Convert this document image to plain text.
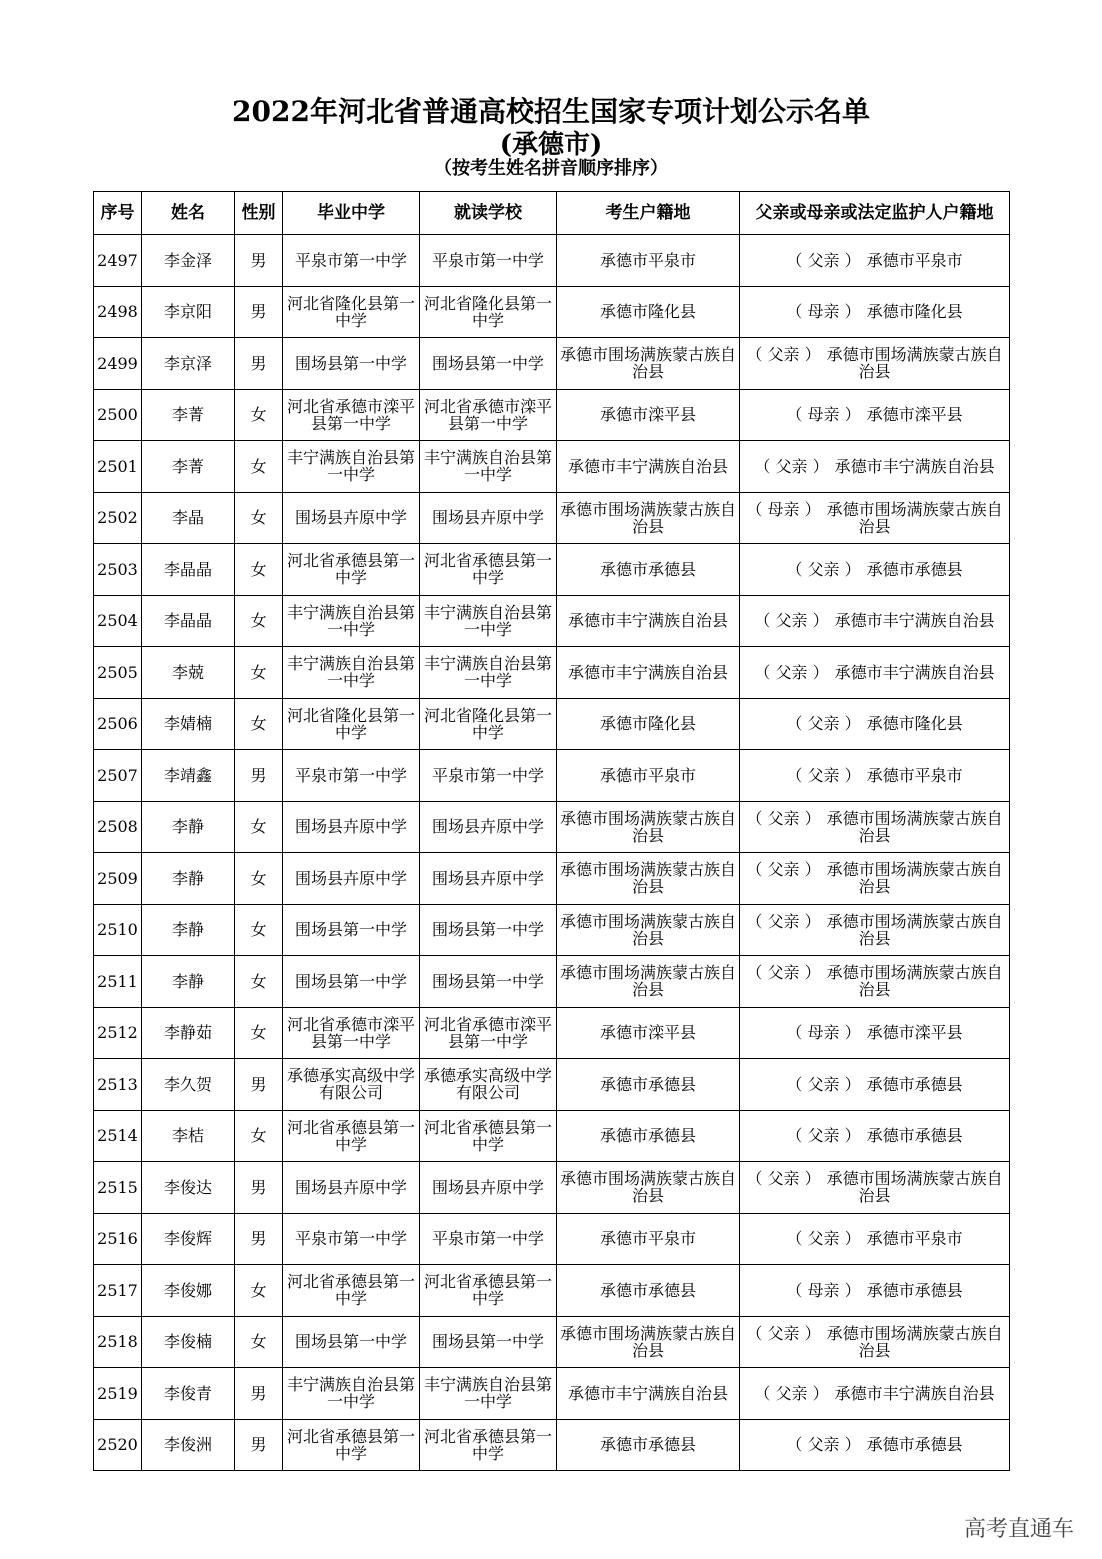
2022年河北省普通高校招生国家专项计划公示名单
(承德市)
（按考生姓名拼音顺序排序）
序号	姓名	性别	毕业中学	就读学校	考生户籍地	父亲或母亲或法定监护人户籍地
2497	李金泽	男	平泉市第一中学	平泉市第一中学	承德市平泉市	（ 父亲 ） 承德市平泉市
2498	李京阳	男	河北省隆化县第一中学	河北省隆化县第一中学	承德市隆化县	（ 母亲 ） 承德市隆化县
2499	李京泽	男	围场县第一中学	围场县第一中学	承德市围场满族蒙古族自治县	（ 父亲 ） 承德市围场满族蒙古族自治县
2500	李菁	女	河北省承德市滦平县第一中学	河北省承德市滦平县第一中学	承德市滦平县	（ 母亲 ） 承德市滦平县
2501	李菁	女	丰宁满族自治县第一中学	丰宁满族自治县第一中学	承德市丰宁满族自治县	（ 父亲 ） 承德市丰宁满族自治县
2502	李晶	女	围场县卉原中学	围场县卉原中学	承德市围场满族蒙古族自治县	（ 母亲 ） 承德市围场满族蒙古族自治县
2503	李晶晶	女	河北省承德县第一中学	河北省承德县第一中学	承德市承德县	（ 父亲 ） 承德市承德县
2504	李晶晶	女	丰宁满族自治县第一中学	丰宁满族自治县第一中学	承德市丰宁满族自治县	（ 父亲 ） 承德市丰宁满族自治县
2505	李兢	女	丰宁满族自治县第一中学	丰宁满族自治县第一中学	承德市丰宁满族自治县	（ 父亲 ） 承德市丰宁满族自治县
2506	李婧楠	女	河北省隆化县第一中学	河北省隆化县第一中学	承德市隆化县	（ 父亲 ） 承德市隆化县
2507	李靖鑫	男	平泉市第一中学	平泉市第一中学	承德市平泉市	（ 父亲 ） 承德市平泉市
2508	李静	女	围场县卉原中学	围场县卉原中学	承德市围场满族蒙古族自治县	（ 父亲 ） 承德市围场满族蒙古族自治县
2509	李静	女	围场县卉原中学	围场县卉原中学	承德市围场满族蒙古族自治县	（ 父亲 ） 承德市围场满族蒙古族自治县
2510	李静	女	围场县第一中学	围场县第一中学	承德市围场满族蒙古族自治县	（ 父亲 ） 承德市围场满族蒙古族自治县
2511	李静	女	围场县第一中学	围场县第一中学	承德市围场满族蒙古族自治县	（ 父亲 ） 承德市围场满族蒙古族自治县
2512	李静茹	女	河北省承德市滦平县第一中学	河北省承德市滦平县第一中学	承德市滦平县	（ 母亲 ） 承德市滦平县
2513	李久贺	男	承德承实高级中学有限公司	承德承实高级中学有限公司	承德市承德县	（ 父亲 ） 承德市承德县
2514	李桔	女	河北省承德县第一中学	河北省承德县第一中学	承德市承德县	（ 父亲 ） 承德市承德县
2515	李俊达	男	围场县卉原中学	围场县卉原中学	承德市围场满族蒙古族自治县	（ 父亲 ） 承德市围场满族蒙古族自治县
2516	李俊辉	男	平泉市第一中学	平泉市第一中学	承德市平泉市	（ 父亲 ） 承德市平泉市
2517	李俊娜	女	河北省承德县第一中学	河北省承德县第一中学	承德市承德县	（ 母亲 ） 承德市承德县
2518	李俊楠	女	围场县第一中学	围场县第一中学	承德市围场满族蒙古族自治县	（ 父亲 ） 承德市围场满族蒙古族自治县
2519	李俊青	男	丰宁满族自治县第一中学	丰宁满族自治县第一中学	承德市丰宁满族自治县	（ 父亲 ） 承德市丰宁满族自治县
2520	李俊洲	男	河北省承德县第一中学	河北省承德县第一中学	承德市承德县	（ 父亲 ） 承德市承德县
高考直通车
